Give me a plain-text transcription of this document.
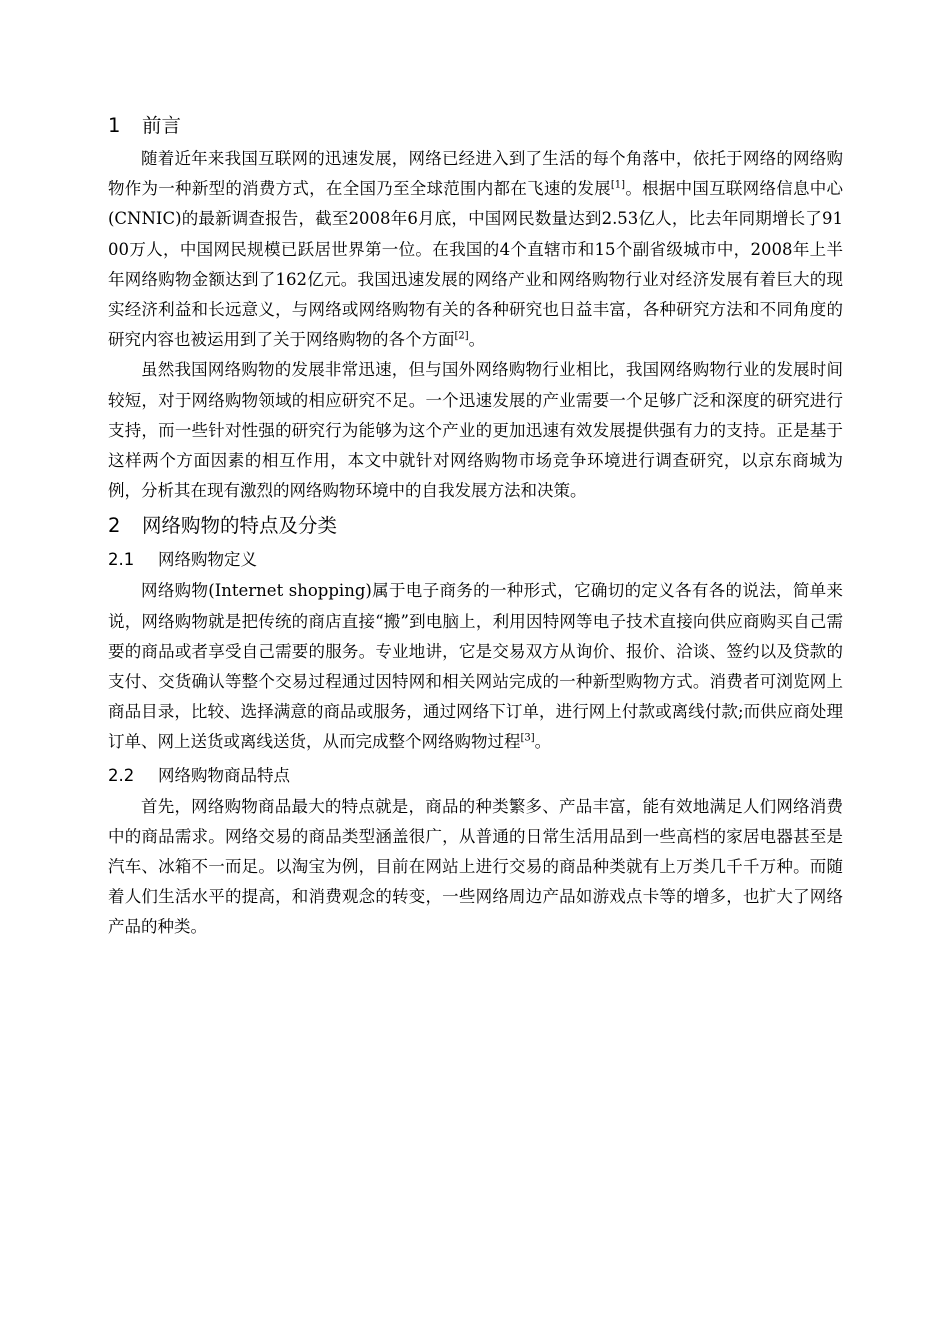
1 前言

随着近年来我国互联网的迅速发展，网络已经进入到了生活的每个角落中，依托于网络的网络购物作为一种新型的消费方式，在全国乃至全球范围内都在飞速的发展[1]。根据中国互联网络信息中心(CNNIC)的最新调查报告，截至2008年6月底，中国网民数量达到2.53亿人，比去年同期增长了9100万人，中国网民规模已跃居世界第一位。在我国的4个直辖市和15个副省级城市中，2008年上半年网络购物金额达到了162亿元。我国迅速发展的网络产业和网络购物行业对经济发展有着巨大的现实经济利益和长远意义，与网络或网络购物有关的各种研究也日益丰富，各种研究方法和不同角度的研究内容也被运用到了关于网络购物的各个方面[2]。

虽然我国网络购物的发展非常迅速，但与国外网络购物行业相比，我国网络购物行业的发展时间较短，对于网络购物领域的相应研究不足。一个迅速发展的产业需要一个足够广泛和深度的研究进行支持，而一些针对性强的研究行为能够为这个产业的更加迅速有效发展提供强有力的支持。正是基于这样两个方面因素的相互作用，本文中就针对网络购物市场竞争环境进行调查研究，以京东商城为例，分析其在现有激烈的网络购物环境中的自我发展方法和决策。

2 网络购物的特点及分类
2.1 网络购物定义

网络购物(Internet shopping)属于电子商务的一种形式，它确切的定义各有各的说法，简单来说，网络购物就是把传统的商店直接“搬”到电脑上，利用因特网等电子技术直接向供应商购买自己需要的商品或者享受自己需要的服务。专业地讲，它是交易双方从询价、报价、洽谈、签约以及贷款的支付、交货确认等整个交易过程通过因特网和相关网站完成的一种新型购物方式。消费者可浏览网上商品目录，比较、选择满意的商品或服务，通过网络下订单，进行网上付款或离线付款;而供应商处理订单、网上送货或离线送货，从而完成整个网络购物过程[3]。

2.2 网络购物商品特点

首先，网络购物商品最大的特点就是，商品的种类繁多、产品丰富，能有效地满足人们网络消费中的商品需求。网络交易的商品类型涵盖很广，从普通的日常生活用品到一些高档的家居电器甚至是汽车、冰箱不一而足。以淘宝为例，目前在网站上进行交易的商品种类就有上万类几千千万种。而随着人们生活水平的提高，和消费观念的转变，一些网络周边产品如游戏点卡等的增多，也扩大了网络产品的种类。
